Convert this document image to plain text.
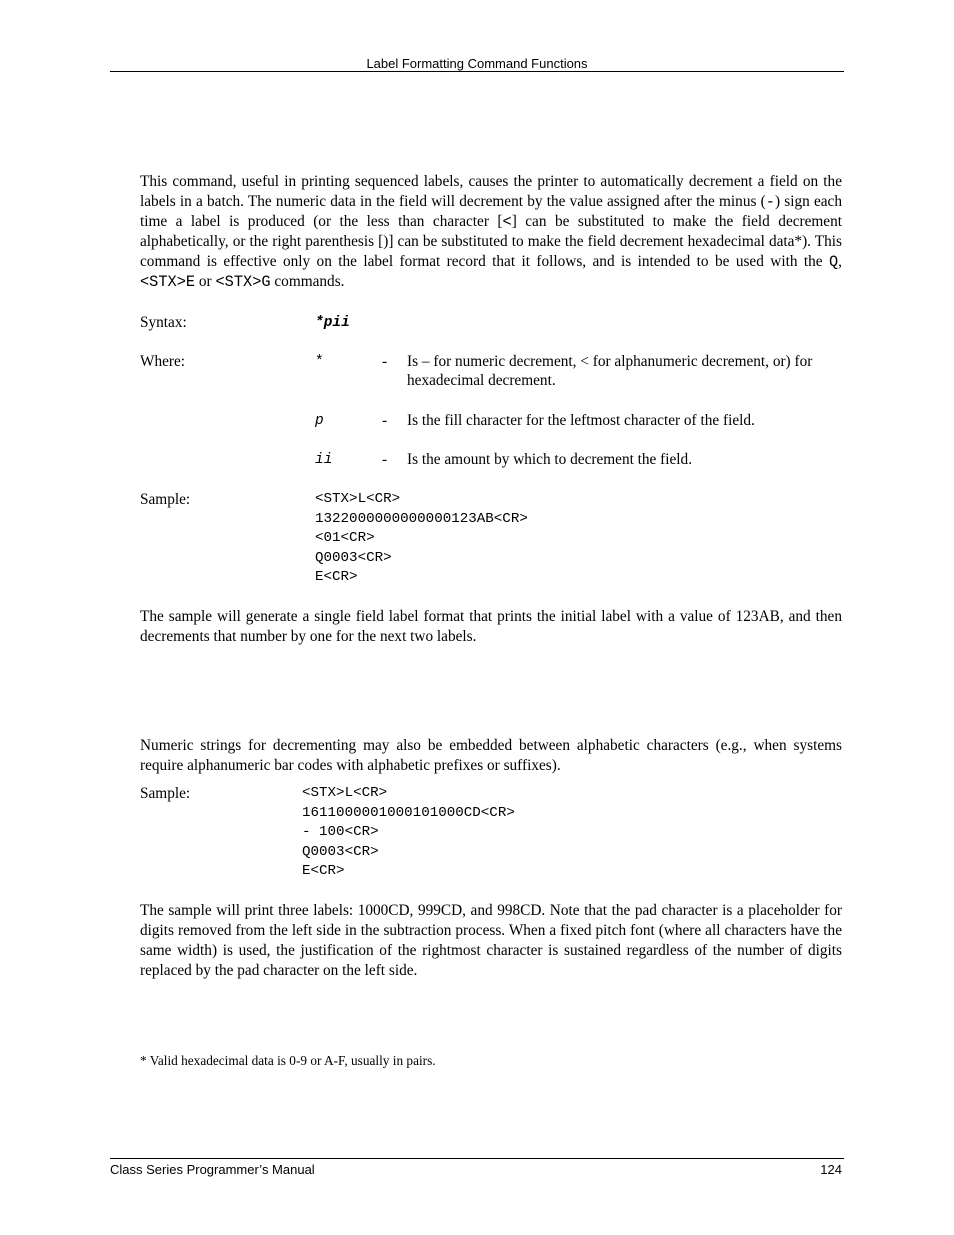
Label Formatting Command Functions
This command, useful in printing sequenced labels, causes the printer to automatically decrement a field on the labels in a batch. The numeric data in the field will decrement by the value assigned after the minus (-) sign each time a label is produced (or the less than character [<] can be substituted to make the field decrement alphabetically, or the right parenthesis [)] can be substituted to make the field decrement hexadecimal data*). This command is effective only on the label format record that it follows, and is intended to be used with the Q, <STX>E or <STX>G commands.
Syntax:	*pii
Where:	*	- Is – for numeric decrement, < for alphanumeric decrement, or) for hexadecimal decrement.
p	- Is the fill character for the leftmost character of the field.
ii	- Is the amount by which to decrement the field.
Sample:	<STX>L<CR>
1322000000000000123AB<CR>
<01<CR>
Q0003<CR>
E<CR>
The sample will generate a single field label format that prints the initial label with a value of 123AB, and then decrements that number by one for the next two labels.
Numeric strings for decrementing may also be embedded between alphabetic characters (e.g., when systems require alphanumeric bar codes with alphabetic prefixes or suffixes).
Sample:	<STX>L<CR>
1611000001000101000CD<CR>
- 100<CR>
Q0003<CR>
E<CR>
The sample will print three labels: 1000CD, 999CD, and 998CD. Note that the pad character is a placeholder for digits removed from the left side in the subtraction process. When a fixed pitch font (where all characters have the same width) is used, the justification of the rightmost character is sustained regardless of the number of digits replaced by the pad character on the left side.
* Valid hexadecimal data is 0-9 or A-F, usually in pairs.
Class Series Programmer’s Manual	124
